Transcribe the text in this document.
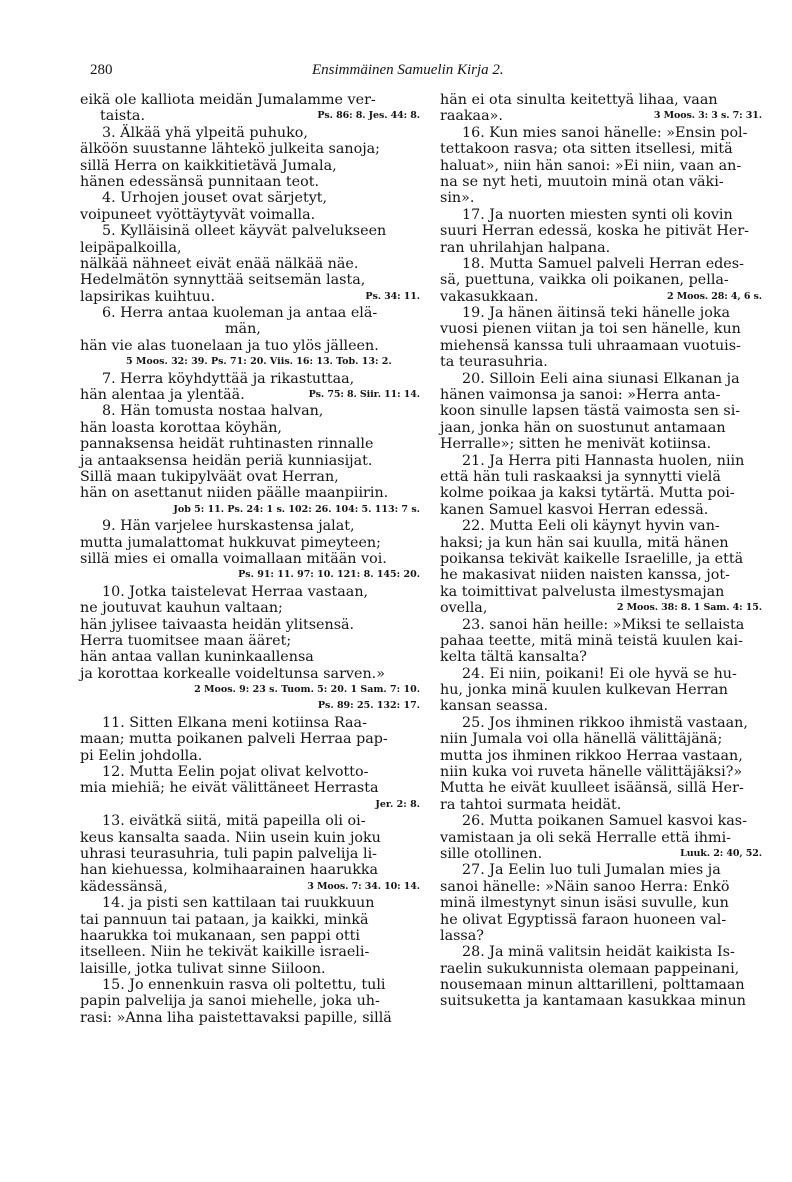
280	Ensimmäinen Samuelin Kirja 2.
eikä ole kalliota meidän Jumalamme ver-
taista.	Ps. 86: 8. Jes. 44: 8.
3. Älkää yhä ylpeitä puhuko,
älköön suustanne lähtekö julkeita sanoja;
sillä Herra on kaikkitietävä Jumala,
hänen edessänsä punnitaan teot.
4. Urhojen jouset ovat särjetyt,
voipuneet vyöttäytyvät voimalla.
5. Kylläisinä olleet käyvät palvelukseen
leipäpalkoilla,
nälkää nähneet eivät enää nälkää näe.
Hedelmätön synnyttää seitsemän lasta,
lapsirikas kuihtuu.	Ps. 34: 11.
6. Herra antaa kuoleman ja antaa elä-
män,
hän vie alas tuonelaan ja tuo ylös jälleen.
5 Moos. 32: 39. Ps. 71: 20. Viis. 16: 13. Tob. 13: 2.
7. Herra köyhdyttää ja rikastuttaa,
hän alentaa ja ylentää.	Ps. 75: 8. Siir. 11: 14.
8. Hän tomusta nostaa halvan,
hän loasta korottaa köyhän,
pannaksensa heidät ruhtinasten rinnalle
ja antaaksensa heidän periä kunniasijat.
Sillä maan tukipylväät ovat Herran,
hän on asettanut niiden päälle maanpiirin.
Job 5: 11. Ps. 24: 1 s. 102: 26. 104: 5. 113: 7 s.
9. Hän varjelee hurskastensa jalat,
mutta jumalattomat hukkuvat pimeyteen;
sillä mies ei omalla voimallaan mitään voi.
Ps. 91: 11. 97: 10. 121: 8. 145: 20.
10. Jotka taistelevat Herraa vastaan,
ne joutuvat kauhun valtaan;
hän jylisee taivaasta heidän ylitsensä.
Herra tuomitsee maan ääret;
hän antaa vallan kuninkaallensa
ja korottaa korkealle voideltunsa sarven.»
2 Moos. 9: 23 s. Tuom. 5: 20. 1 Sam. 7: 10.
Ps. 89: 25. 132: 17.
11. Sitten Elkana meni kotiinsa Raa-
maan; mutta poikanen palveli Herraa pap-
pi Eelin johdolla.
12. Mutta Eelin pojat olivat kelvotto-
mia miehiä; he eivät välittäneet Herrasta
Jer. 2: 8.
13. eivätkä siitä, mitä papeilla oli oi-
keus kansalta saada. Niin usein kuin joku
uhrasi teurasuhria, tuli papin palvelija li-
han kiehuessa, kolmihaarainen haarukka
kädessänsä,	3 Moos. 7: 34. 10: 14.
14. ja pisti sen kattilaan tai ruukkuun
tai pannuun tai pataan, ja kaikki, minkä
haarukka toi mukanaan, sen pappi otti
itselleen. Niin he tekivät kaikille israeli-
laisille, jotka tulivat sinne Siiloon.
15. Jo ennenkuin rasva oli poltettu, tuli
papin palvelija ja sanoi miehelle, joka uh-
rasi: »Anna liha paistettavaksi papille, sillä
hän ei ota sinulta keitettyä lihaa, vaan
raakaa».	3 Moos. 3: 3 s. 7: 31.
16. Kun mies sanoi hänelle: »Ensin pol-
tettakoon rasva; ota sitten itsellesi, mitä
haluat», niin hän sanoi: »Ei niin, vaan an-
na se nyt heti, muutoin minä otan väki-
sin».
17. Ja nuorten miesten synti oli kovin
suuri Herran edessä, koska he pitivät Her-
ran uhrilahjan halpana.
18. Mutta Samuel palveli Herran edes-
sä, puettuna, vaikka oli poikanen, pella-
vakasukkaan.	2 Moos. 28: 4, 6 s.
19. Ja hänen äitinsä teki hänelle joka
vuosi pienen viitan ja toi sen hänelle, kun
miehensä kanssa tuli uhraamaan vuotuis-
ta teurasuhria.
20. Silloin Eeli aina siunasi Elkanan ja
hänen vaimonsa ja sanoi: »Herra anta-
koon sinulle lapsen tästä vaimosta sen si-
jaan, jonka hän on suostunut antamaan
Herralle»; sitten he menivät kotiinsa.
21. Ja Herra piti Hannasta huolen, niin
että hän tuli raskaaksi ja synnytti vielä
kolme poikaa ja kaksi tytärtä. Mutta poi-
kanen Samuel kasvoi Herran edessä.
22. Mutta Eeli oli käynyt hyvin van-
haksi; ja kun hän sai kuulla, mitä hänen
poikansa tekivät kaikelle Israelille, ja että
he makasivat niiden naisten kanssa, jot-
ka toimittivat palvelusta ilmestysmajan
ovella,	2 Moos. 38: 8. 1 Sam. 4: 15.
23. sanoi hän heille: »Miksi te sellaista
pahaa teette, mitä minä teistä kuulen kai-
kelta tältä kansalta?
24. Ei niin, poikani! Ei ole hyvä se hu-
hu, jonka minä kuulen kulkevan Herran
kansan seassa.
25. Jos ihminen rikkoo ihmistä vastaan,
niin Jumala voi olla hänellä välittäjänä;
mutta jos ihminen rikkoo Herraa vastaan,
niin kuka voi ruveta hänelle välittäjäksi?»
Mutta he eivät kuulleet isäänsä, sillä Her-
ra tahtoi surmata heidät.
26. Mutta poikanen Samuel kasvoi kas-
vamistaan ja oli sekä Herralle että ihmi-
sille otollinen.	Luuk. 2: 40, 52.
27. Ja Eelin luo tuli Jumalan mies ja
sanoi hänelle: »Näin sanoo Herra: Enkö
minä ilmestynyt sinun isäsi suvulle, kun
he olivat Egyptissä faraon huoneen val-
lassa?
28. Ja minä valitsin heidät kaikista Is-
raelin sukukunnista olemaan pappeinani,
nousemaan minun alttarilleni, polttamaan
suitsuketta ja kantamaan kasukkaa minun
